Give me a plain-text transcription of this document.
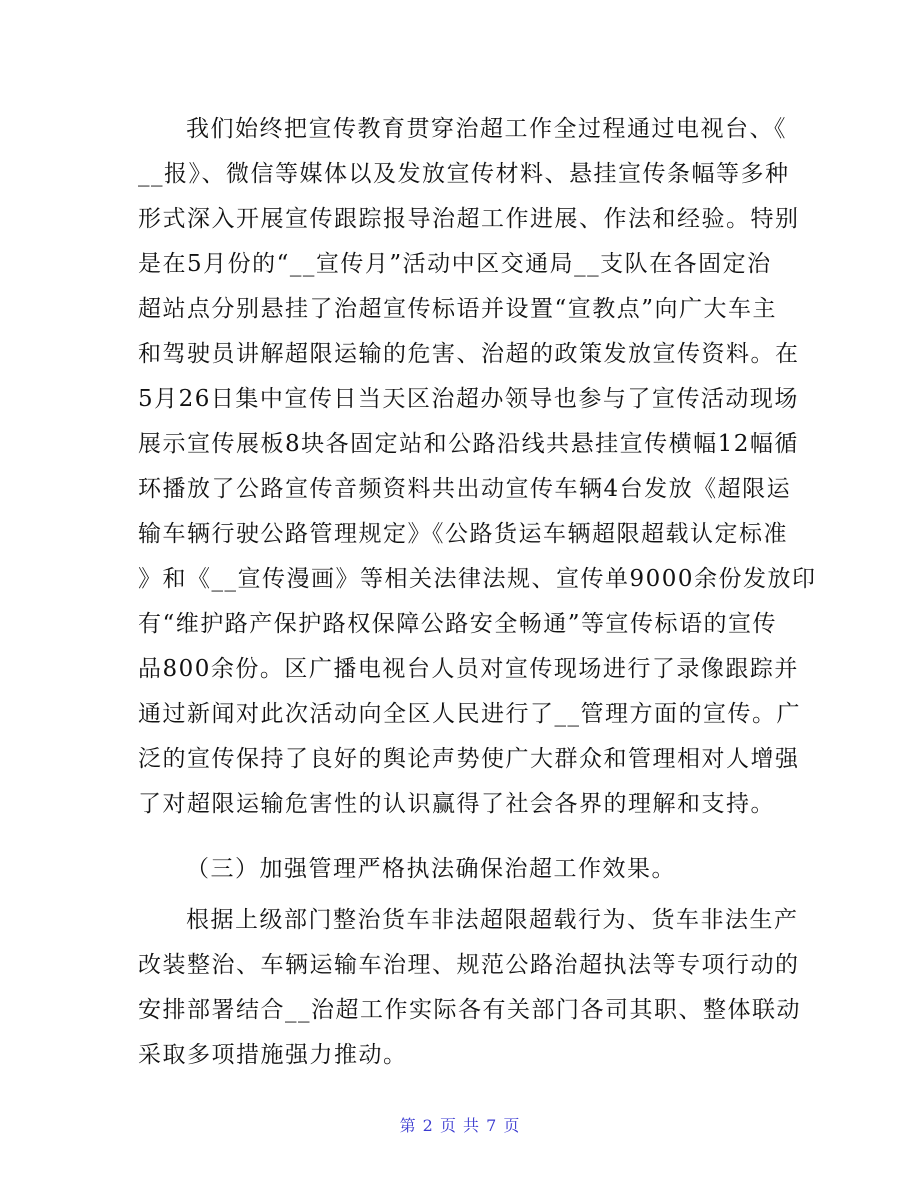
我们始终把宣传教育贯穿治超工作全过程通过电视台、《
__报》、微信等媒体以及发放宣传材料、悬挂宣传条幅等多种
形式深入开展宣传跟踪报导治超工作进展、作法和经验。特别
是在5月份的“__宣传月”活动中区交通局__支队在各固定治
超站点分别悬挂了治超宣传标语并设置“宣教点”向广大车主
和驾驶员讲解超限运输的危害、治超的政策发放宣传资料。在
5月26日集中宣传日当天区治超办领导也参与了宣传活动现场
展示宣传展板8块各固定站和公路沿线共悬挂宣传横幅12幅循
环播放了公路宣传音频资料共出动宣传车辆4台发放《超限运
输车辆行驶公路管理规定》《公路货运车辆超限超载认定标准
》和《__宣传漫画》等相关法律法规、宣传单9000余份发放印
有“维护路产保护路权保障公路安全畅通”等宣传标语的宣传
品800余份。区广播电视台人员对宣传现场进行了录像跟踪并
通过新闻对此次活动向全区人民进行了__管理方面的宣传。广
泛的宣传保持了良好的舆论声势使广大群众和管理相对人增强
了对超限运输危害性的认识赢得了社会各界的理解和支持。
（三）加强管理严格执法确保治超工作效果。
根据上级部门整治货车非法超限超载行为、货车非法生产
改装整治、车辆运输车治理、规范公路治超执法等专项行动的
安排部署结合__治超工作实际各有关部门各司其职、整体联动
采取多项措施强力推动。
第 2 页 共 7 页
